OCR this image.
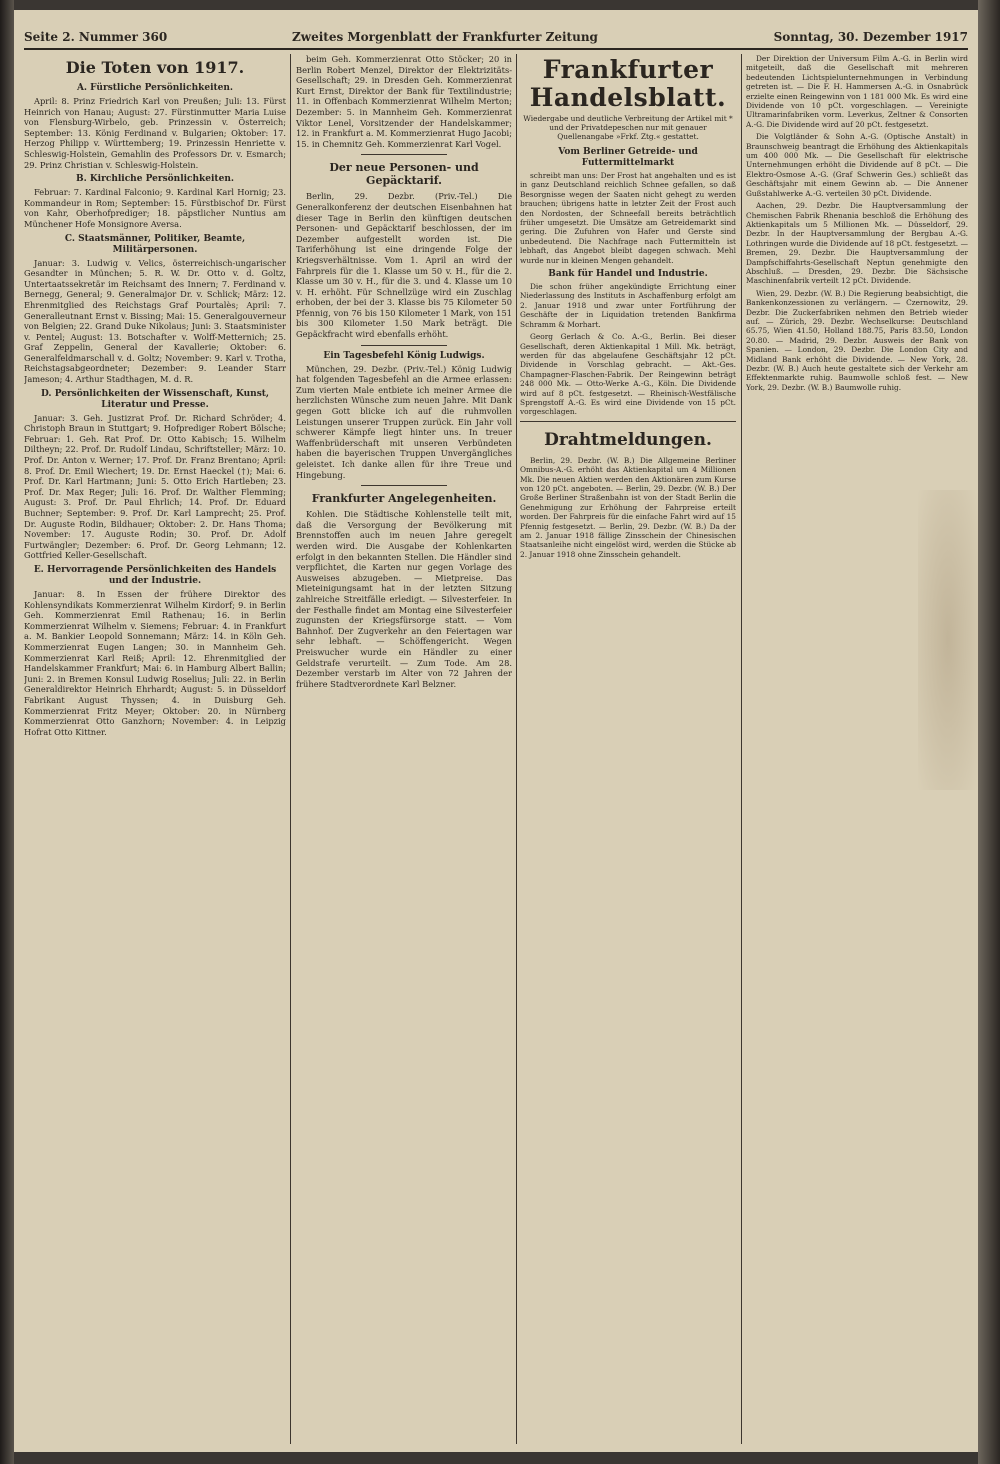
Seite 2. Nummer 360	Zweites Morgenblatt der Frankfurter Zeitung	Sonntag, 30. Dezember 1917
Die Toten von 1917.
A. Fürstliche Persönlichkeiten.

April: 8. Prinz Friedrich Karl von Preußen; Juli: 13. Fürst Heinrich von Hanau; August: 27. Fürstinmutter Maria Luise von Flensburg-Wirbelo, geb. Prinzessin v. Österreich; September: 13. König Ferdinand v. Bulgarien; Oktober: 17. Herzog Philipp v. Württemberg; 19. Prinzessin Henriette v. Schleswig-Holstein, Gemahlin des Professors Dr. v. Esmarch; 29. Prinz Christian v. Schleswig-Holstein.

B. Kirchliche Persönlichkeiten.

Februar: 7. Kardinal Falconio; 9. Kardinal Karl Hornig; 23. Kommandeur in Rom; September: 15. Fürstbischof Dr. Fürst von Kahr, Oberhofprediger; 18. päpstlicher Nuntius am Münchener Hofe Monsignore Aversa.

C. Staatsmänner, Politiker, Beamte, Militärpersonen.

Januar: 3. Ludwig v. Velics, österreichisch-ungarischer Gesandter in München; 5. R. W. Dr. Otto v. d. Goltz, Untertaatssekretär im Reichsamt des Innern; 7. Ferdinand v. Bernegg, General; 9. Generalmajor Dr. v. Schlick; März: 12. Ehrenmitglied des Reichstags Graf Pourtalès; April: 7. Generalleutnant Ernst v. Bissing; Mai: 15. Generalgouverneur von Belgien; 22. Grand Duke Nikolaus; Juni: 3. Staatsminister v. Pentel; August: 13. Botschafter v. Wolff-Metternich; 25. Graf Zeppelin, General der Kavallerie; Oktober: 6. Generalfeldmarschall v. d. Goltz; November: 9. Karl v. Trotha, Reichstagsabgeordneter; Dezember: 9. Leander Starr Jameson; 4. Arthur Stadthagen, M. d. R.

D. Persönlichkeiten der Wissenschaft, Kunst, Literatur und Presse.

Januar: 3. Geh. Justizrat Prof. Dr. Richard Schröder; 4. Christoph Braun in Stuttgart; 9. Hofprediger Robert Bölsche; Februar: 1. Geh. Rat Prof. Dr. Otto Kabisch; 15. Wilhelm Diltheyn; 22. Prof. Dr. Rudolf Lindau, Schriftsteller; März: 10. Prof. Dr. Anton v. Werner; 17. Prof. Dr. Franz Brentano; April: 8. Prof. Dr. Emil Wiechert; 19. Dr. Ernst Haeckel (†); Mai: 6. Prof. Dr. Karl Hartmann; Juni: 5. Otto Erich Hartleben; 23. Prof. Dr. Max Reger; Juli: 16. Prof. Dr. Walther Flemming; August: 3. Prof. Dr. Paul Ehrlich; 14. Prof. Dr. Eduard Buchner; September: 9. Prof. Dr. Karl Lamprecht; 25. Prof. Dr. Auguste Rodin, Bildhauer; Oktober: 2. Dr. Hans Thoma; November: 17. Auguste Rodin; 30. Prof. Dr. Adolf Furtwängler; Dezember: 6. Prof. Dr. Georg Lehmann; 12. Gottfried Keller-Gesellschaft.

E. Hervorragende Persönlichkeiten des Handels und der Industrie.

Januar: 8. In Essen der frühere Direktor des Kohlensyndikats Kommerzienrat Wilhelm Kirdorf; 9. in Berlin Geh. Kommerzienrat Emil Rathenau; 16. in Berlin Kommerzienrat Wilhelm v. Siemens; Februar: 4. in Frankfurt a. M. Bankier Leopold Sonnemann; März: 14. in Köln Geh. Kommerzienrat Eugen Langen; 30. in Mannheim Geh. Kommerzienrat Karl Reiß; April: 12. Ehrenmitglied der Handelskammer Frankfurt; Mai: 6. in Hamburg Albert Ballin; Juni: 2. in Bremen Konsul Ludwig Roselius; Juli: 22. in Berlin Generaldirektor Heinrich Ehrhardt; August: 5. in Düsseldorf Fabrikant August Thyssen; 4. in Duisburg Geh. Kommerzienrat Fritz Meyer; Oktober: 20. in Nürnberg Kommerzienrat Otto Ganzhorn; November: 4. in Leipzig Hofrat Otto Kittner.

beim Geh. Kommerzienrat Otto Stöcker; 20 in Berlin Robert Menzel, Direktor der Elektrizitäts-Gesellschaft; 29. in Dresden Geh. Kommerzienrat Kurt Ernst, Direktor der Bank für Textilindustrie; 11. in Offenbach Kommerzienrat Wilhelm Merton; Dezember: 5. in Mannheim Geh. Kommerzienrat Viktor Lenel, Vorsitzender der Handelskammer; 12. in Frankfurt a. M. Kommerzienrat Hugo Jacobi; 15. in Chemnitz Geh. Kommerzienrat Karl Vogel.

Der neue Personen- und Gepäcktarif.

Berlin, 29. Dezbr. (Priv.-Tel.) Die Generalkonferenz der deutschen Eisenbahnen hat dieser Tage in Berlin den künftigen deutschen Personen- und Gepäcktarif beschlossen, der im Dezember aufgestellt worden ist. Die Tariferhöhung ist eine dringende Folge der Kriegsverhältnisse. Vom 1. April an wird der Fahrpreis für die 1. Klasse um 50 v. H., für die 2. Klasse um 30 v. H., für die 3. und 4. Klasse um 10 v. H. erhöht. Für Schnellzüge wird ein Zuschlag erhoben, der bei der 3. Klasse bis 75 Kilometer 50 Pfennig, von 76 bis 150 Kilometer 1 Mark, von 151 bis 300 Kilometer 1.50 Mark beträgt. Die Gepäckfracht wird ebenfalls erhöht.

Ein Tagesbefehl König Ludwigs.

München, 29. Dezbr. (Priv.-Tel.) König Ludwig hat folgenden Tagesbefehl an die Armee erlassen: Zum vierten Male entbiete ich meiner Armee die herzlichsten Wünsche zum neuen Jahre. Mit Dank gegen Gott blicke ich auf die ruhmvollen Leistungen unserer Truppen zurück. Ein Jahr voll schwerer Kämpfe liegt hinter uns. In treuer Waffenbrüderschaft mit unseren Verbündeten haben die bayerischen Truppen Unvergängliches geleistet. Ich danke allen für ihre Treue und Hingebung.

Frankfurter Angelegenheiten.

Kohlen. Die Städtische Kohlenstelle teilt mit, daß die Versorgung der Bevölkerung mit Brennstoffen auch im neuen Jahre geregelt werden wird. Die Ausgabe der Kohlenkarten erfolgt in den bekannten Stellen. Die Händler sind verpflichtet, die Karten nur gegen Vorlage des Ausweises abzugeben. — Mietpreise. Das Mieteinigungsamt hat in der letzten Sitzung zahlreiche Streitfälle erledigt. — Silvesterfeier. In der Festhalle findet am Montag eine Silvesterfeier zugunsten der Kriegsfürsorge statt. — Vom Bahnhof. Der Zugverkehr an den Feiertagen war sehr lebhaft. — Schöffengericht. Wegen Preiswucher wurde ein Händler zu einer Geldstrafe verurteilt. — Zum Tode. Am 28. Dezember verstarb im Alter von 72 Jahren der frühere Stadtverordnete Karl Belzner.

Frankfurter Handelsblatt.
Wiedergabe und deutliche Verbreitung der Artikel mit * und der Privatdepeschen nur mit genauer Quellenangabe »Frkf. Ztg.« gestattet.
Vom Berliner Getreide- und Futtermittelmarkt

schreibt man uns: Der Frost hat angehalten und es ist in ganz Deutschland reichlich Schnee gefallen, so daß Besorgnisse wegen der Saaten nicht gehegt zu werden brauchen; übrigens hatte in letzter Zeit der Frost auch den Nordosten, der Schneefall bereits beträchtlich früher umgesetzt. Die Umsätze am Getreidemarkt sind gering. Die Zufuhren von Hafer und Gerste sind unbedeutend. Die Nachfrage nach Futtermitteln ist lebhaft, das Angebot bleibt dagegen schwach. Mehl wurde nur in kleinen Mengen gehandelt.

Bank für Handel und Industrie.

Die schon früher angekündigte Errichtung einer Niederlassung des Instituts in Aschaffenburg erfolgt am 2. Januar 1918 und zwar unter Fortführung der Geschäfte der in Liquidation tretenden Bankfirma Schramm & Morhart.

Georg Gerlach & Co. A.-G., Berlin. Bei dieser Gesellschaft, deren Aktienkapital 1 Mill. Mk. beträgt, werden für das abgelaufene Geschäftsjahr 12 pCt. Dividende in Vorschlag gebracht. — Akt.-Ges. Champagner-Flaschen-Fabrik. Der Reingewinn beträgt 248 000 Mk. — Otto-Werke A.-G., Köln. Die Dividende wird auf 8 pCt. festgesetzt. — Rheinisch-Westfälische Sprengstoff A.-G. Es wird eine Dividende von 15 pCt. vorgeschlagen.

Drahtmeldungen.

Berlin, 29. Dezbr. (W. B.) Die Allgemeine Berliner Omnibus-A.-G. erhöht das Aktienkapital um 4 Millionen Mk. Die neuen Aktien werden den Aktionären zum Kurse von 120 pCt. angeboten. — Berlin, 29. Dezbr. (W. B.) Der Große Berliner Straßenbahn ist von der Stadt Berlin die Genehmigung zur Erhöhung der Fahrpreise erteilt worden. Der Fahrpreis für die einfache Fahrt wird auf 15 Pfennig festgesetzt. — Berlin, 29. Dezbr. (W. B.) Da der am 2. Januar 1918 fällige Zinsschein der Chinesischen Staatsanleihe nicht eingelöst wird, werden die Stücke ab 2. Januar 1918 ohne Zinsschein gehandelt.

Der Direktion der Universum Film A.-G. in Berlin wird mitgeteilt, daß die Gesellschaft mit mehreren bedeutenden Lichtspielunternehmungen in Verbindung getreten ist. — Die F. H. Hammersen A.-G. in Osnabrück erzielte einen Reingewinn von 1 181 000 Mk. Es wird eine Dividende von 10 pCt. vorgeschlagen. — Vereinigte Ultramarinfabriken vorm. Leverkus, Zeltner & Consorten A.-G. Die Dividende wird auf 20 pCt. festgesetzt.

Die Volgtländer & Sohn A.-G. (Optische Anstalt) in Braunschweig beantragt die Erhöhung des Aktienkapitals um 400 000 Mk. — Die Gesellschaft für elektrische Unternehmungen erhöht die Dividende auf 8 pCt. — Die Elektro-Osmose A.-G. (Graf Schwerin Ges.) schließt das Geschäftsjahr mit einem Gewinn ab. — Die Annener Gußstahlwerke A.-G. verteilen 30 pCt. Dividende.

Aachen, 29. Dezbr. Die Hauptversammlung der Chemischen Fabrik Rhenania beschloß die Erhöhung des Aktienkapitals um 5 Millionen Mk. — Düsseldorf, 29. Dezbr. In der Hauptversammlung der Bergbau A.-G. Lothringen wurde die Dividende auf 18 pCt. festgesetzt. — Bremen, 29. Dezbr. Die Hauptversammlung der Dampfschiffahrts-Gesellschaft Neptun genehmigte den Abschluß. — Dresden, 29. Dezbr. Die Sächsische Maschinenfabrik verteilt 12 pCt. Dividende.

Wien, 29. Dezbr. (W. B.) Die Regierung beabsichtigt, die Bankenkonzessionen zu verlängern. — Czernowitz, 29. Dezbr. Die Zuckerfabriken nehmen den Betrieb wieder auf. — Zürich, 29. Dezbr. Wechselkurse: Deutschland 65.75, Wien 41.50, Holland 188.75, Paris 83.50, London 20.80. — Madrid, 29. Dezbr. Ausweis der Bank von Spanien. — London, 29. Dezbr. Die London City and Midland Bank erhöht die Dividende. — New York, 28. Dezbr. (W. B.) Auch heute gestaltete sich der Verkehr am Effektenmarkte ruhig. Baumwolle schloß fest. — New York, 29. Dezbr. (W. B.) Baumwolle ruhig.
